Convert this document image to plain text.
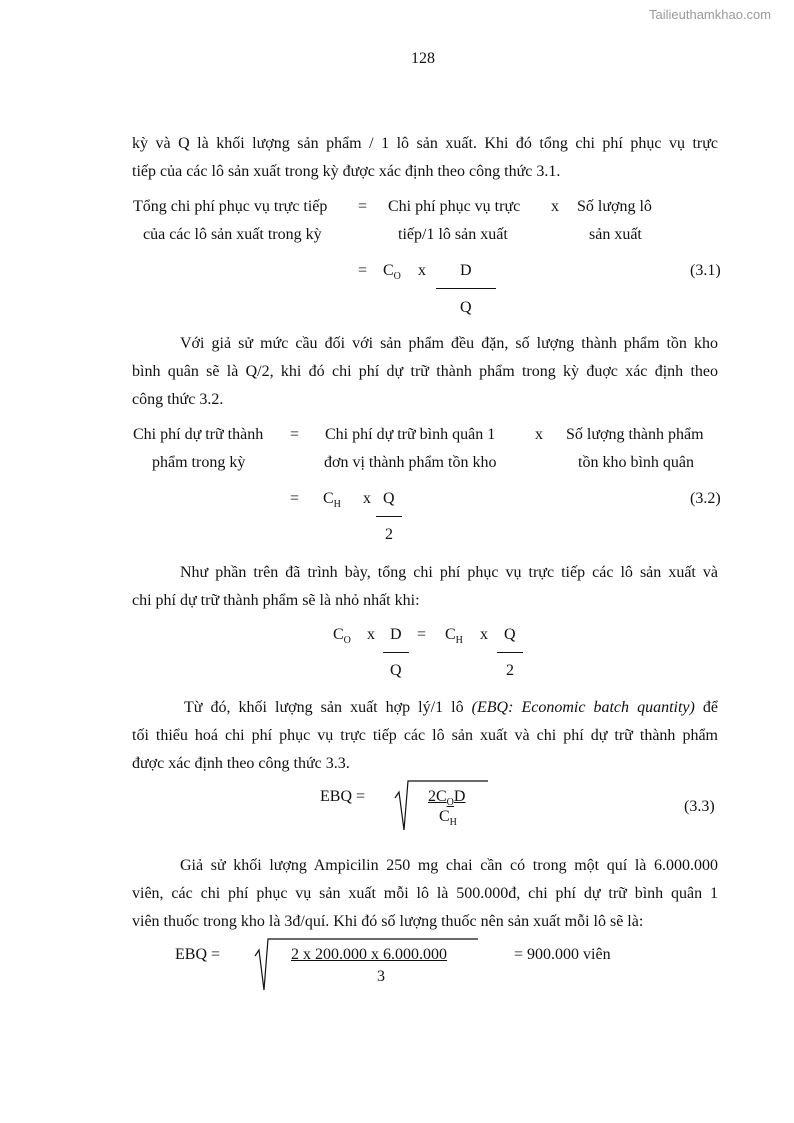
Tailieuthamkhao.com
128
kỳ và Q là khối lượng sản phẩm / 1 lô sản xuất. Khi đó tổng chi phí phục vụ trực
tiếp của các lô sản xuất trong kỳ được xác định theo công thức 3.1.
Tổng chi phí phục vụ trực tiếp
của các lô sản xuất trong kỳ
= Chi phí phục vụ trực
tiếp/1 lô sản xuất
x Số lượng lô
sản xuất
= $C_O$ x D
Q
(3.1)
Với giả sử mức cầu đối với sản phẩm đều đặn, số lượng thành phẩm tồn kho
bình quân sẽ là Q/2, khi đó chi phí dự trữ thành phẩm trong kỳ đuợc xác định theo
công thức 3.2.
Chi phí dự trữ thành
phẩm trong kỳ
= Chi phí dự trữ bình quân 1
đơn vị thành phẩm tồn kho
x Số lượng thành phẩm
tồn kho bình quân
= $C_H$ x Q
2
(3.2)
Như phần trên đã trình bày, tổng chi phí phục vụ trực tiếp các lô sản xuất và
chi phí dự trữ thành phẩm sẽ là nhỏ nhất khi:
$C_O$ x D
Q
= $C_H$ x Q
2
Từ đó, khối lượng sản xuất hợp lý/1 lô (EBQ: Economic batch quantity) để
tối thiểu hoá chi phí phục vụ trực tiếp các lô sản xuất và chi phí dự trữ thành phẩm
được xác định theo công thức 3.3.
EBQ =	$2C_OD$
$C_H$
(3.3)
Giả sử khối lượng Ampicilin 250 mg chai cần có trong một quí là 6.000.000
viên, các chi phí phục vụ sản xuất mỗi lô là 500.000đ, chi phí dự trữ bình quân 1
viên thuốc trong kho là 3đ/quí. Khi đó số lượng thuốc nên sản xuất mỗi lô sẽ là:
EBQ =	2 x 200.000 x 6.000.000
3
= 900.000 viên
